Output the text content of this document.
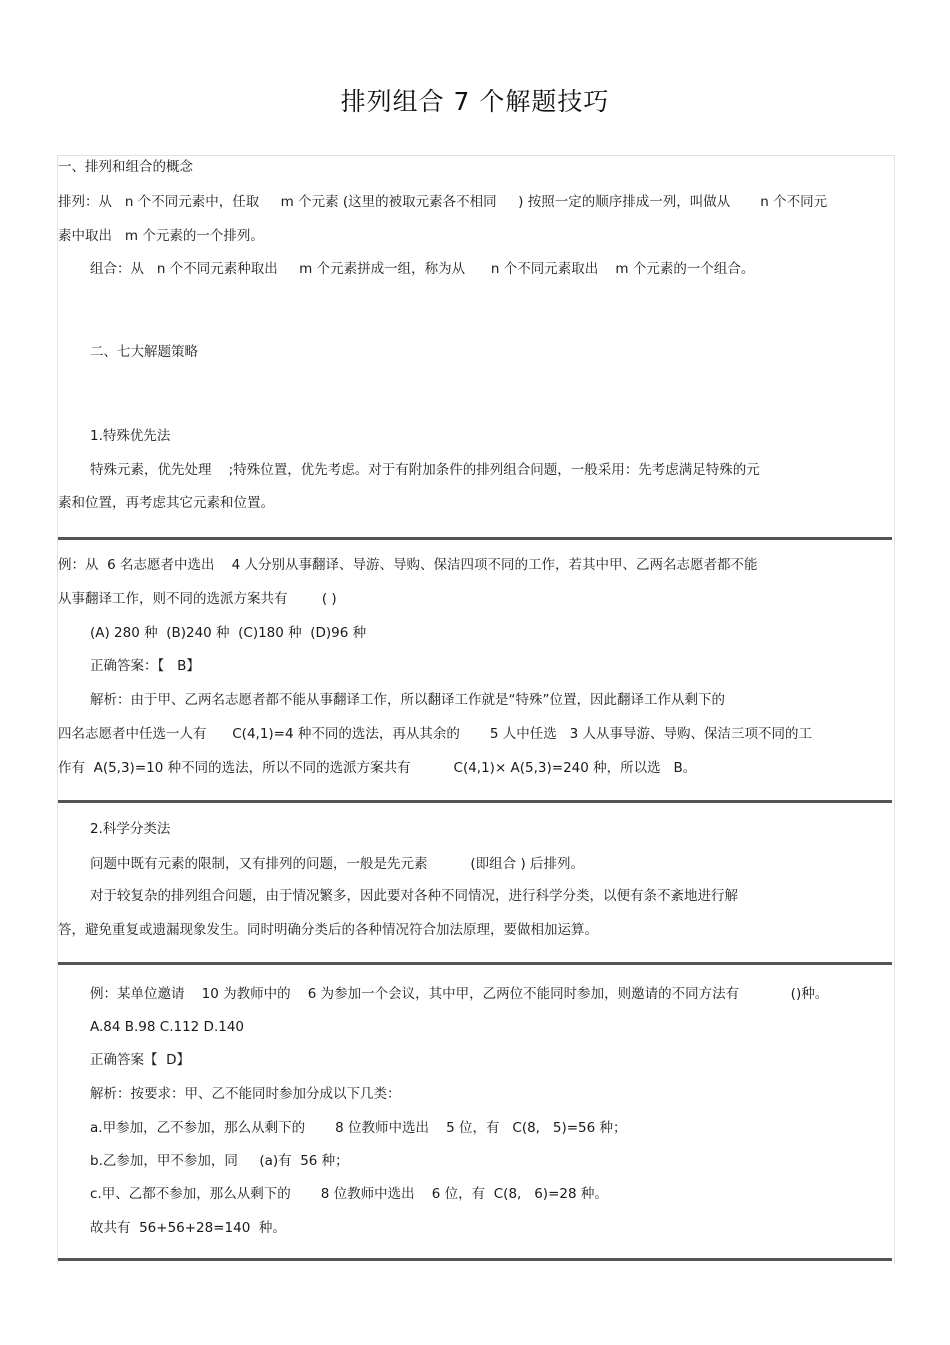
排列组合 7 个解题技巧
一、排列和组合的概念
排列：从   n 个不同元素中，任取     m 个元素 (这里的被取元素各不相同     ) 按照一定的顺序排成一列，叫做从       n 个不同元
素中取出   m 个元素的一个排列。
组合：从   n 个不同元素种取出     m 个元素拼成一组，称为从      n 个不同元素取出    m 个元素的一个组合。
二、七大解题策略
1.特殊优先法
特殊元素，优先处理    ;特殊位置，优先考虑。对于有附加条件的排列组合问题，一般采用：先考虑满足特殊的元
素和位置，再考虑其它元素和位置。
例：从  6 名志愿者中选出    4 人分别从事翻译、导游、导购、保洁四项不同的工作，若其中甲、乙两名志愿者都不能
从事翻译工作，则不同的选派方案共有        ( )
(A) 280 种  (B)240 种  (C)180 种  (D)96 种
正确答案：【   B】
解析：由于甲、乙两名志愿者都不能从事翻译工作，所以翻译工作就是“特殊”位置，因此翻译工作从剩下的
四名志愿者中任选一人有      C(4,1)=4 种不同的选法，再从其余的       5 人中任选   3 人从事导游、导购、保洁三项不同的工
作有  A(5,3)=10 种不同的选法，所以不同的选派方案共有          C(4,1)× A(5,3)=240 种，所以选   B。
2.科学分类法
问题中既有元素的限制，又有排列的问题，一般是先元素          (即组合 ) 后排列。
对于较复杂的排列组合问题，由于情况繁多，因此要对各种不同情况，进行科学分类，以便有条不紊地进行解
答，避免重复或遗漏现象发生。同时明确分类后的各种情况符合加法原理，要做相加运算。
例：某单位邀请    10 为教师中的    6 为参加一个会议，其中甲，乙两位不能同时参加，则邀请的不同方法有            ()种。
A.84 B.98 C.112 D.140
正确答案【  D】
解析：按要求：甲、乙不能同时参加分成以下几类：
a.甲参加，乙不参加，那么从剩下的       8 位教师中选出    5 位，有   C(8,   5)=56 种；
b.乙参加，甲不参加，同     (a)有  56 种；
c.甲、乙都不参加，那么从剩下的       8 位教师中选出    6 位，有  C(8,   6)=28 种。
故共有  56+56+28=140  种。
